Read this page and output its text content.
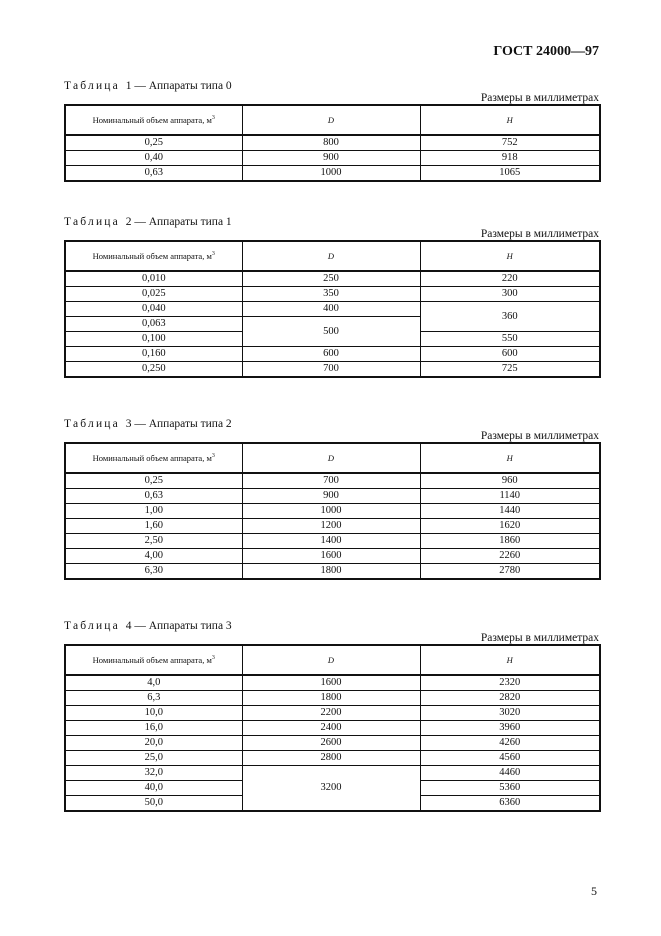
ГОСТ 24000—97
Таблица 1 — Аппараты типа 0
Размеры в миллиметрах
Номинальный объем аппарата, $м^3$	D	H
0,25	800	752
0,40	900	918
0,63	1000	1065
Таблица 2 — Аппараты типа 1
Размеры в миллиметрах
Номинальный объем аппарата, $м^3$	D	H
0,010	250	220
0,025	350	300
0,040	400	360
0,063	500	
0,100		550
0,160	600	600
0,250	700	725
Таблица 3 — Аппараты типа 2
Размеры в миллиметрах
Номинальный объем аппарата, $м^3$	D	H
0,25	700	960
0,63	900	1140
1,00	1000	1440
1,60	1200	1620
2,50	1400	1860
4,00	1600	2260
6,30	1800	2780
Таблица 4 — Аппараты типа 3
Размеры в миллиметрах
Номинальный объем аппарата, $м^3$	D	H
4,0	1600	2320
6,3	1800	2820
10,0	2200	3020
16,0	2400	3960
20,0	2600	4260
25,0	2800	4560
32,0	3200	4460
40,0		5360
50,0		6360
5
